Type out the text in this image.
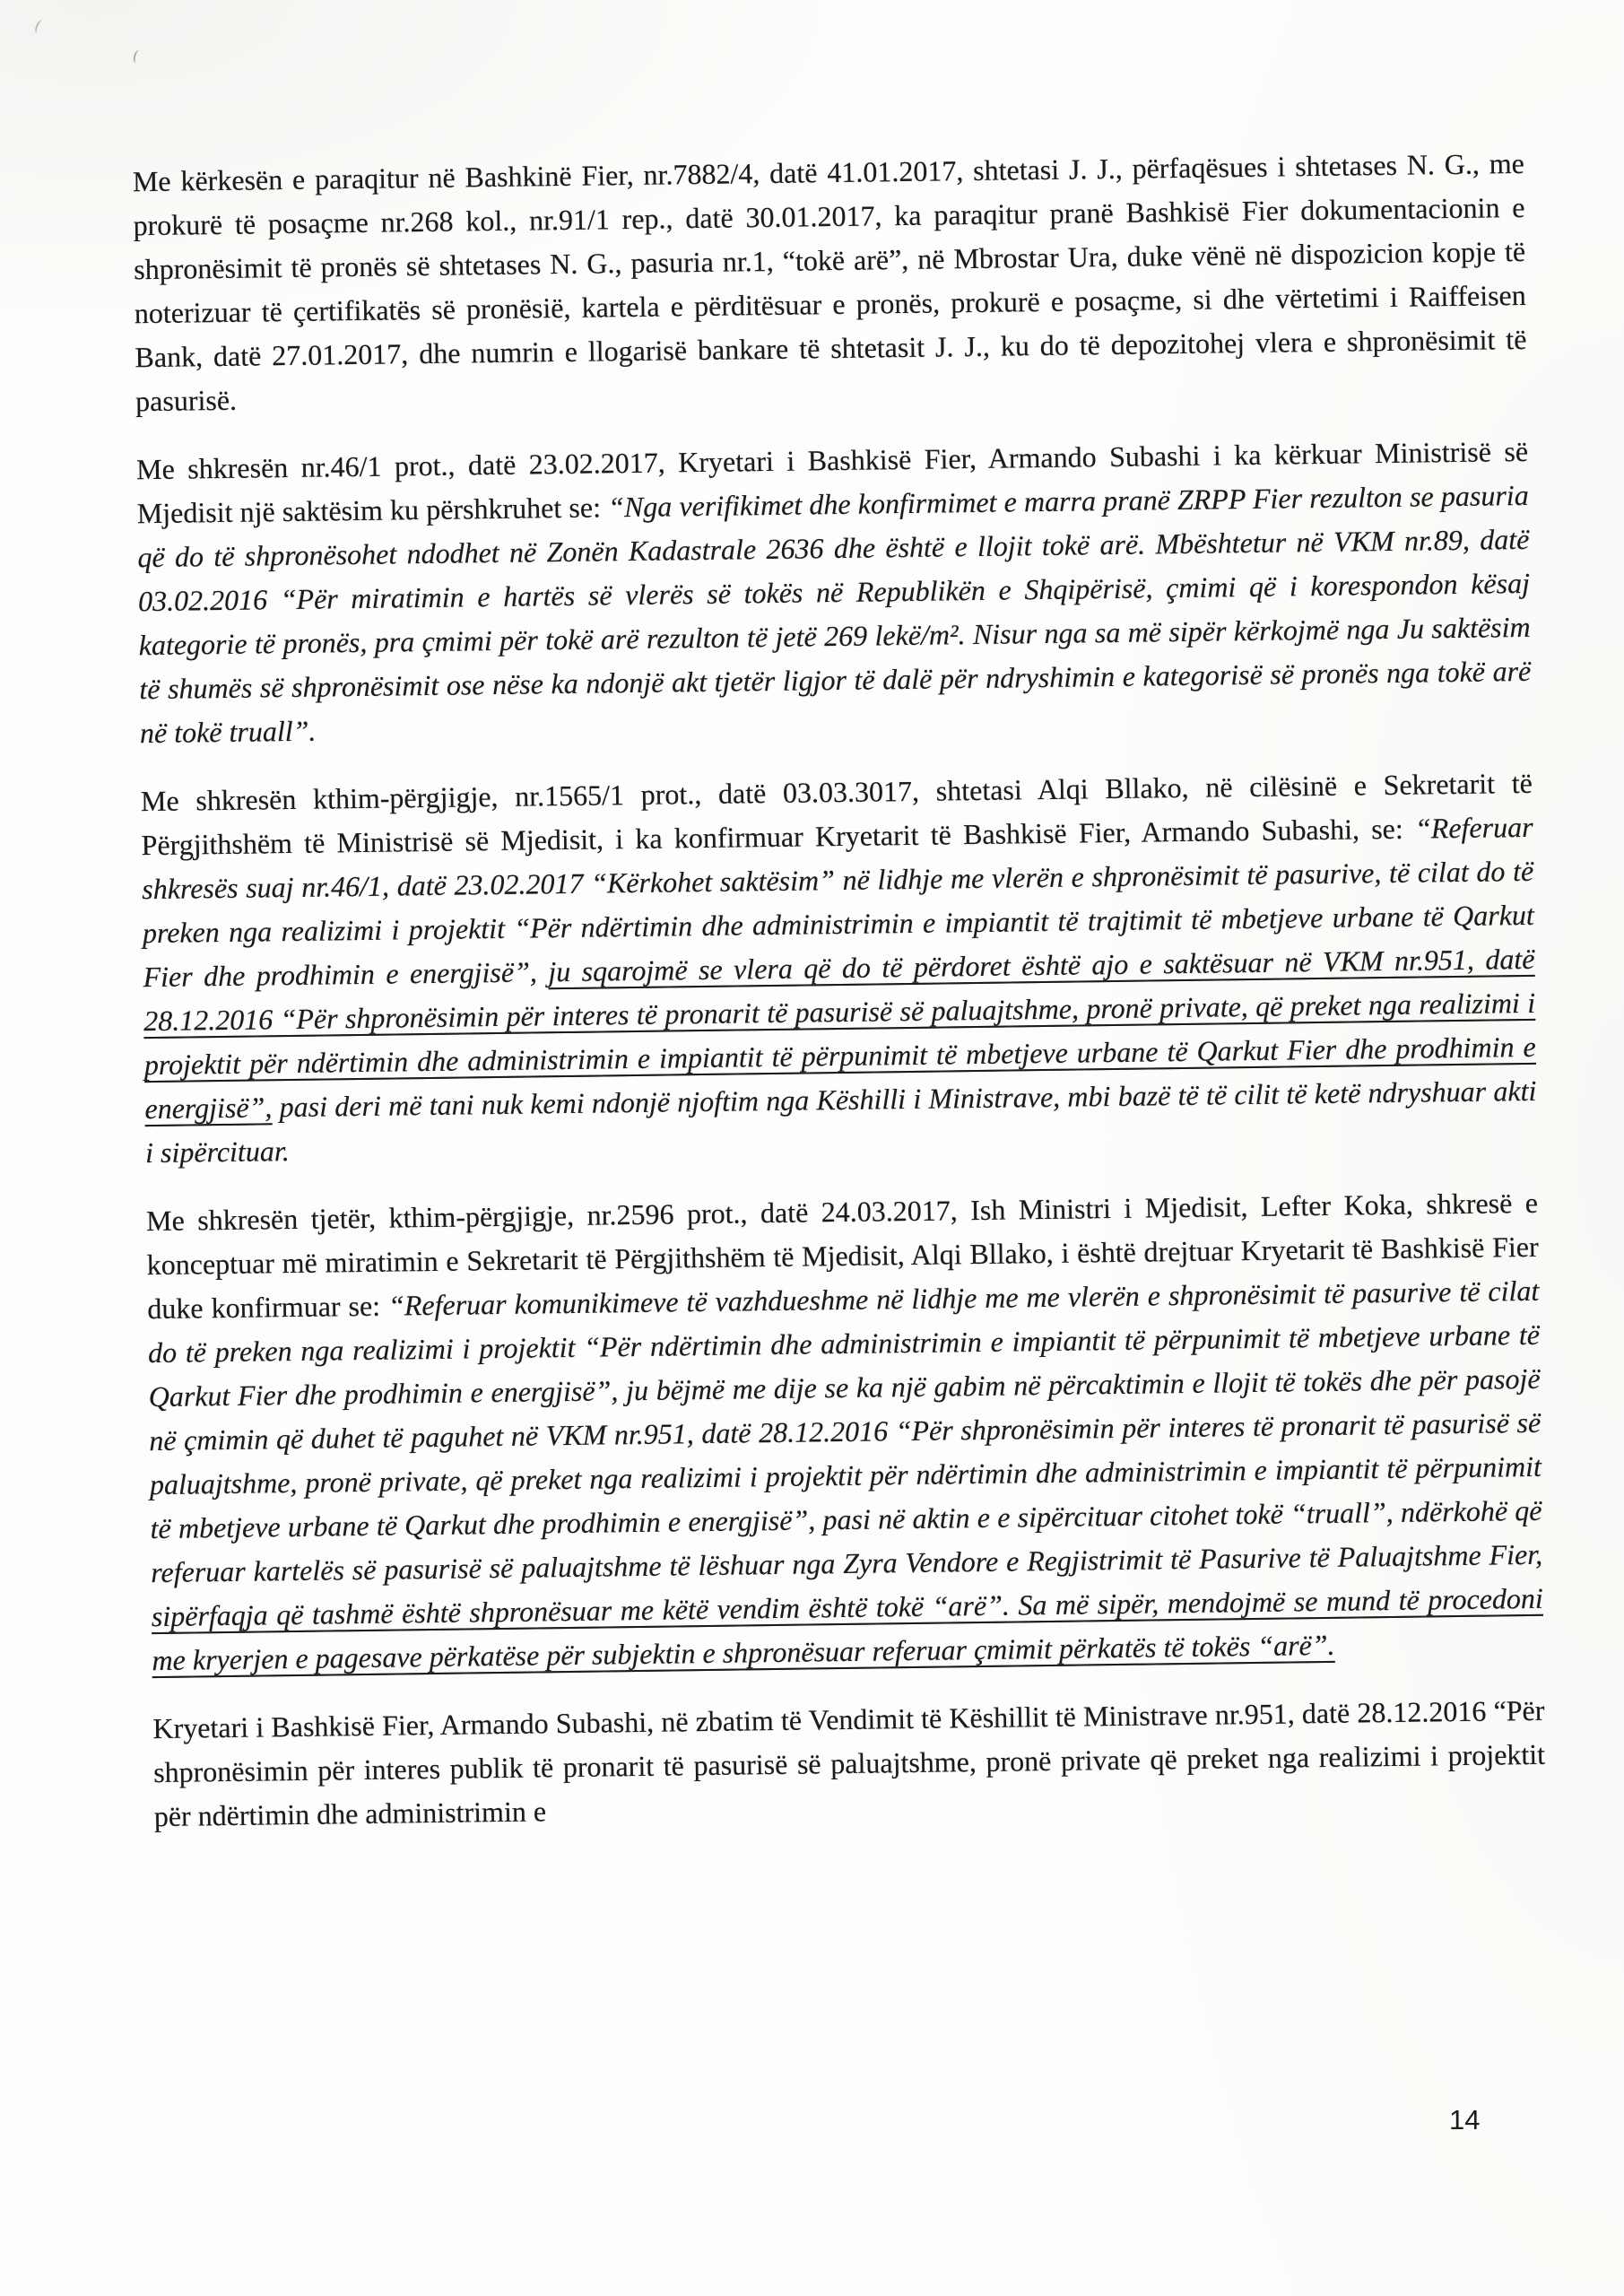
Me kërkesën e paraqitur në Bashkinë Fier, nr.7882/4, datë 41.01.2017, shtetasi J. J., përfaqësues i shtetases N. G., me prokurë të posaçme nr.268 kol., nr.91/1 rep., datë 30.01.2017, ka paraqitur pranë Bashkisë Fier dokumentacionin e shpronësimit të pronës së shtetases N. G., pasuria nr.1, “tokë arë”, në Mbrostar Ura, duke vënë në dispozicion kopje të noterizuar të çertifikatës së pronësië, kartela e përditësuar e pronës, prokurë e posaçme, si dhe vërtetimi i Raiffeisen Bank, datë 27.01.2017, dhe numrin e llogarisë bankare të shtetasit J. J., ku do të depozitohej vlera e shpronësimit të pasurisë.

Me shkresën nr.46/1 prot., datë 23.02.2017, Kryetari i Bashkisë Fier, Armando Subashi i ka kërkuar Ministrisë së Mjedisit një saktësim ku përshkruhet se: “Nga verifikimet dhe konfirmimet e marra pranë ZRPP Fier rezulton se pasuria që do të shpronësohet ndodhet në Zonën Kadastrale 2636 dhe është e llojit tokë arë. Mbështetur në VKM nr.89, datë 03.02.2016 “Për miratimin e hartës së vlerës së tokës në Republikën e Shqipërisë, çmimi që i korespondon kësaj kategorie të pronës, pra çmimi për tokë arë rezulton të jetë 269 lekë/m². Nisur nga sa më sipër kërkojmë nga Ju saktësim të shumës së shpronësimit ose nëse ka ndonjë akt tjetër ligjor të dalë për ndryshimin e kategorisë së pronës nga tokë arë në tokë truall”.

Me shkresën kthim-përgjigje, nr.1565/1 prot., datë 03.03.3017, shtetasi Alqi Bllako, në cilësinë e Sekretarit të Përgjithshëm të Ministrisë së Mjedisit, i ka konfirmuar Kryetarit të Bashkisë Fier, Armando Subashi, se: “Referuar shkresës suaj nr.46/1, datë 23.02.2017 “Kërkohet saktësim” në lidhje me vlerën e shpronësimit të pasurive, të cilat do të preken nga realizimi i projektit “Për ndërtimin dhe administrimin e impiantit të trajtimit të mbetjeve urbane të Qarkut Fier dhe prodhimin e energjisë”, ju sqarojmë se vlera që do të përdoret është ajo e saktësuar në VKM nr.951, datë 28.12.2016 “Për shpronësimin për interes të pronarit të pasurisë së paluajtshme, pronë private, që preket nga realizimi i projektit për ndërtimin dhe administrimin e impiantit të përpunimit të mbetjeve urbane të Qarkut Fier dhe prodhimin e energjisë”, pasi deri më tani nuk kemi ndonjë njoftim nga Këshilli i Ministrave, mbi bazë të të cilit të ketë ndryshuar akti i sipërcituar.

Me shkresën tjetër, kthim-përgjigje, nr.2596 prot., datë 24.03.2017, Ish Ministri i Mjedisit, Lefter Koka, shkresë e konceptuar më miratimin e Sekretarit të Përgjithshëm të Mjedisit, Alqi Bllako, i është drejtuar Kryetarit të Bashkisë Fier duke konfirmuar se: “Referuar komunikimeve të vazhdueshme në lidhje me me vlerën e shpronësimit të pasurive të cilat do të preken nga realizimi i projektit “Për ndërtimin dhe administrimin e impiantit të përpunimit të mbetjeve urbane të Qarkut Fier dhe prodhimin e energjisë”, ju bëjmë me dije se ka një gabim në përcaktimin e llojit të tokës dhe për pasojë në çmimin që duhet të paguhet në VKM nr.951, datë 28.12.2016 “Për shpronësimin për interes të pronarit të pasurisë së paluajtshme, pronë private, që preket nga realizimi i projektit për ndërtimin dhe administrimin e impiantit të përpunimit të mbetjeve urbane të Qarkut dhe prodhimin e energjisë”, pasi në aktin e e sipërcituar citohet tokë “truall”, ndërkohë që referuar kartelës së pasurisë së paluajtshme të lëshuar nga Zyra Vendore e Regjistrimit të Pasurive të Paluajtshme Fier, sipërfaqja që tashmë është shpronësuar me këtë vendim është tokë “arë”. Sa më sipër, mendojmë se mund të procedoni me kryerjen e pagesave përkatëse për subjektin e shpronësuar referuar çmimit përkatës të tokës “arë”.

Kryetari i Bashkisë Fier, Armando Subashi, në zbatim të Vendimit të Këshillit të Ministrave nr.951, datë 28.12.2016 “Për shpronësimin për interes publik të pronarit të pasurisë së paluajtshme, pronë private që preket nga realizimi i projektit për ndërtimin dhe administrimin e

14
